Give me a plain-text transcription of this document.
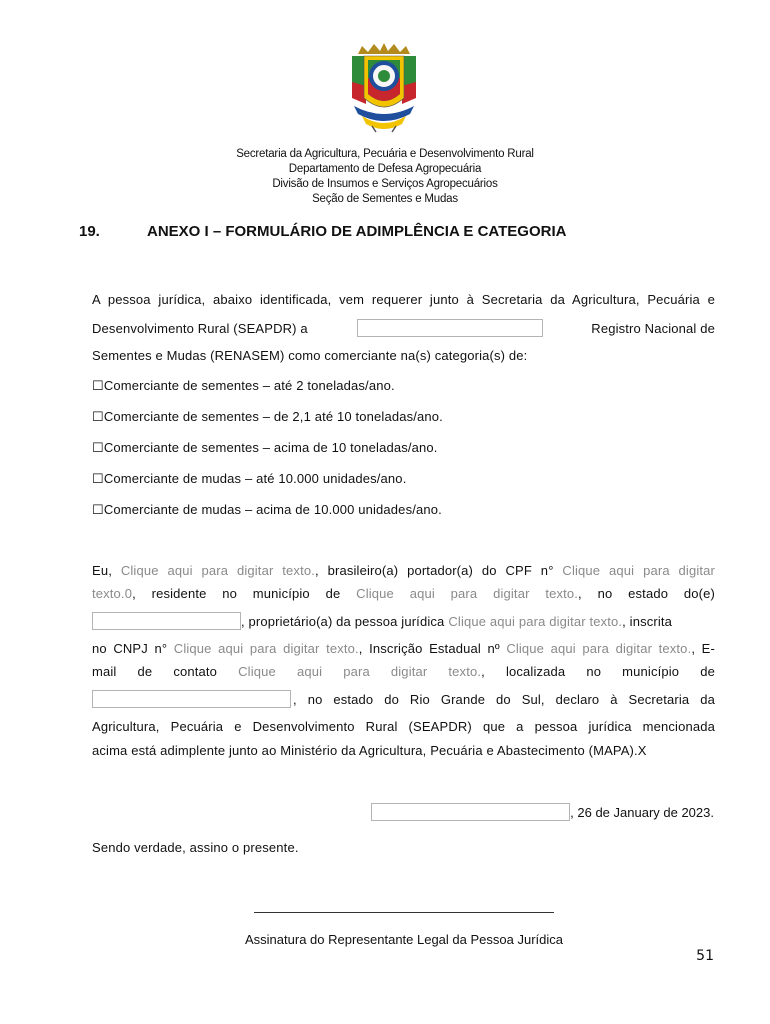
Secretaria da Agricultura, Pecuária e Desenvolvimento Rural
Departamento de Defesa Agropecuária
Divisão de Insumos e Serviços Agropecuários
Seção de Sementes e Mudas
19.	ANEXO I – FORMULÁRIO DE ADIMPLÊNCIA E CATEGORIA
A pessoa jurídica, abaixo identificada, vem requerer junto à Secretaria da Agricultura, Pecuária e
Desenvolvimento Rural (SEAPDR) a	Registro Nacional de
Sementes e Mudas (RENASEM) como comerciante na(s) categoria(s) de:
☐Comerciante de sementes – até 2 toneladas/ano.
☐Comerciante de sementes – de 2,1 até 10 toneladas/ano.
☐Comerciante de sementes – acima de 10 toneladas/ano.
☐Comerciante de mudas – até 10.000 unidades/ano.
☐Comerciante de mudas – acima de 10.000 unidades/ano.
Eu, Clique aqui para digitar texto., brasileiro(a) portador(a) do CPF n° Clique aqui para digitar
texto.0, residente no município de Clique aqui para digitar texto., no estado do(e)
, proprietário(a) da pessoa jurídica Clique aqui para digitar texto. , inscrita
no CNPJ n° Clique aqui para digitar texto., Inscrição Estadual nº Clique aqui para digitar texto., E-
mail de contato Clique aqui para digitar texto., localizada no município de
, no estado do Rio Grande do Sul, declaro à Secretaria da
Agricultura, Pecuária e Desenvolvimento Rural (SEAPDR) que a pessoa jurídica mencionada
acima está adimplente junto ao Ministério da Agricultura, Pecuária e Abastecimento (MAPA).X
, 26 de January de 2023.
Sendo verdade, assino o presente.
Assinatura do Representante Legal da Pessoa Jurídica
51
